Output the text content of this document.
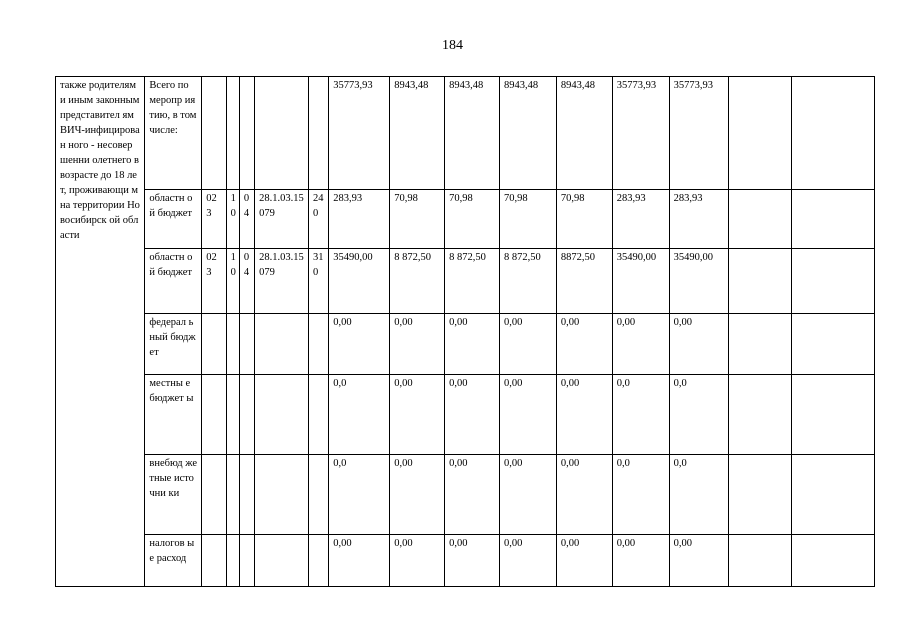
184
также родителям и иным законным представител ям ВИЧ-инфицирован ного - несовершенни олетнего в возрасте до 18 лет, проживающи м на территории Новосибирск ой области	Всего по меропр иятию, в том числе:						35773,93	8943,48	8943,48	8943,48	8943,48	35773,93	35773,93		
	областн ой бюджет	023	10	04	28.1.03.15079	240	283,93	70,98	70,98	70,98	70,98	283,93	283,93		
	областн ой бюджет	023	10	04	28.1.03.15079	310	35490,00	8 872,50	8 872,50	8 872,50	8872,50	35490,00	35490,00		
	федерал ьный бюджет						0,00	0,00	0,00	0,00	0,00	0,00	0,00		
	местны е бюджет ы						0,0	0,00	0,00	0,00	0,00	0,0	0,0		
	внебюд жетные источни ки						0,0	0,00	0,00	0,00	0,00	0,0	0,0		
	налогов ые расход						0,00	0,00	0,00	0,00	0,00	0,00	0,00		
